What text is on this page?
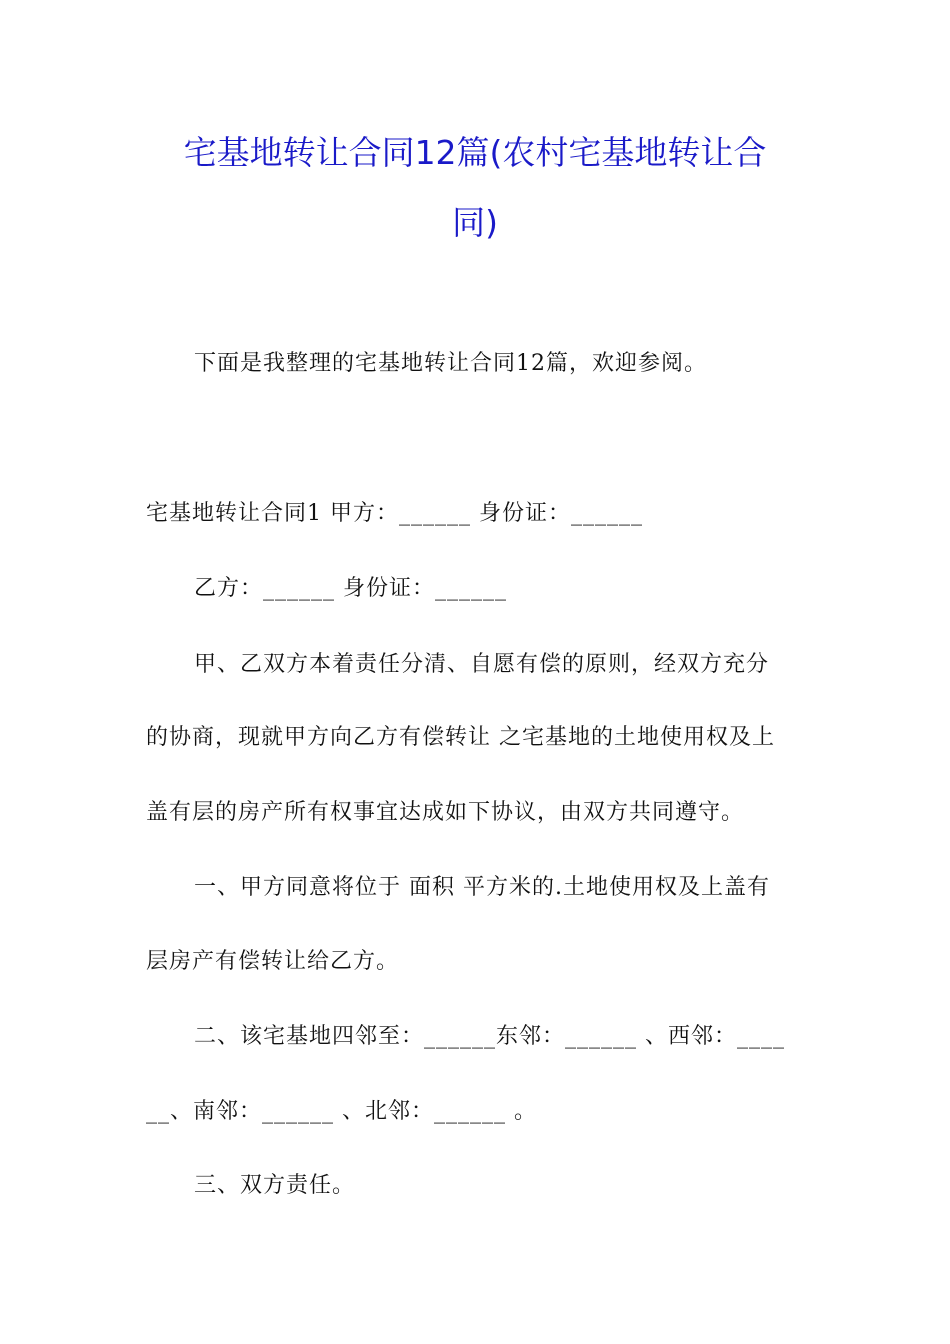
宅基地转让合同12篇(农村宅基地转让合
同)
下面是我整理的宅基地转让合同12篇，欢迎参阅。
宅基地转让合同1 甲方：______ 身份证：______
乙方：______ 身份证：______
甲、乙双方本着责任分清、自愿有偿的原则，经双方充分
的协商，现就甲方向乙方有偿转让 之宅基地的土地使用权及上
盖有层的房产所有权事宜达成如下协议，由双方共同遵守。
一、甲方同意将位于 面积 平方米的.土地使用权及上盖有
层房产有偿转让给乙方。
二、该宅基地四邻至：______东邻：______ 、西邻：____
__、南邻：______ 、北邻：______ 。
三、双方责任。
